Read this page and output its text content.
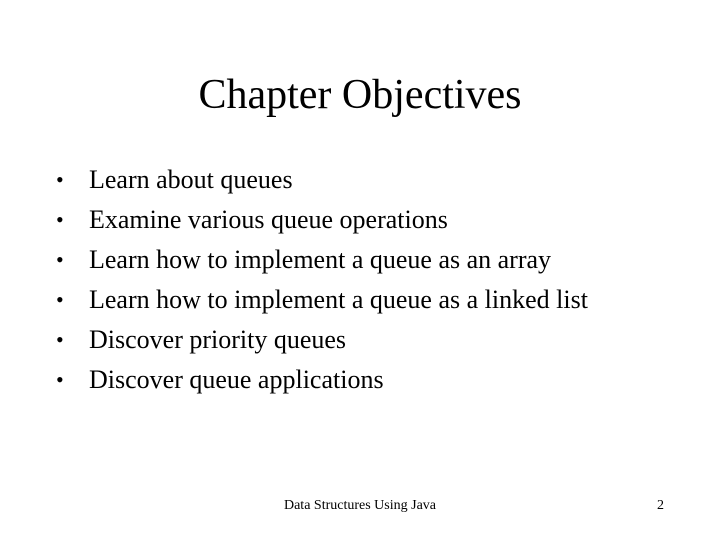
Chapter Objectives
• Learn about queues
• Examine various queue operations
• Learn how to implement a queue as an array
• Learn how to implement a queue as a linked list
• Discover priority queues
• Discover queue applications
Data Structures Using Java	2
